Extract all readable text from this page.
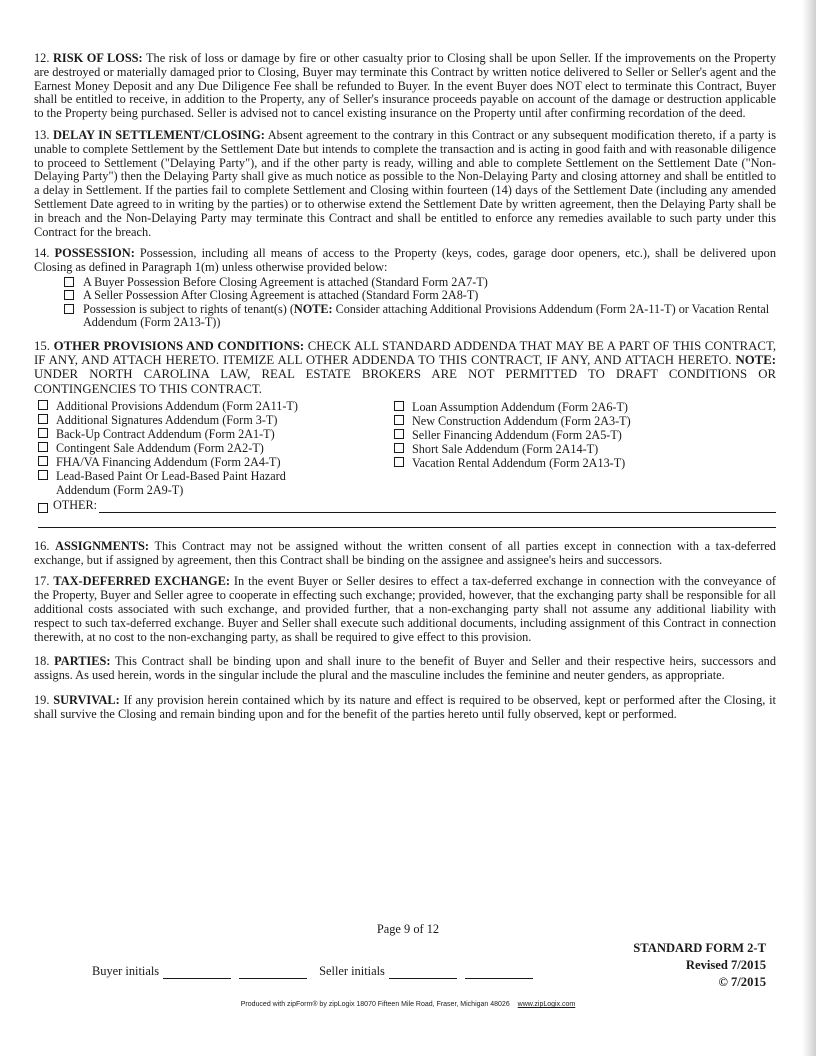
12. RISK OF LOSS: The risk of loss or damage by fire or other casualty prior to Closing shall be upon Seller. If the improvements on the Property are destroyed or materially damaged prior to Closing, Buyer may terminate this Contract by written notice delivered to Seller or Seller's agent and the Earnest Money Deposit and any Due Diligence Fee shall be refunded to Buyer. In the event Buyer does NOT elect to terminate this Contract, Buyer shall be entitled to receive, in addition to the Property, any of Seller's insurance proceeds payable on account of the damage or destruction applicable to the Property being purchased. Seller is advised not to cancel existing insurance on the Property until after confirming recordation of the deed.

13. DELAY IN SETTLEMENT/CLOSING: Absent agreement to the contrary in this Contract or any subsequent modification thereto, if a party is unable to complete Settlement by the Settlement Date but intends to complete the transaction and is acting in good faith and with reasonable diligence to proceed to Settlement ("Delaying Party"), and if the other party is ready, willing and able to complete Settlement on the Settlement Date ("Non-Delaying Party") then the Delaying Party shall give as much notice as possible to the Non-Delaying Party and closing attorney and shall be entitled to a delay in Settlement. If the parties fail to complete Settlement and Closing within fourteen (14) days of the Settlement Date (including any amended Settlement Date agreed to in writing by the parties) or to otherwise extend the Settlement Date by written agreement, then the Delaying Party shall be in breach and the Non-Delaying Party may terminate this Contract and shall be entitled to enforce any remedies available to such party under this Contract for the breach.

14. POSSESSION: Possession, including all means of access to the Property (keys, codes, garage door openers, etc.), shall be delivered upon Closing as defined in Paragraph 1(m) unless otherwise provided below:

A Buyer Possession Before Closing Agreement is attached (Standard Form 2A7-T)
A Seller Possession After Closing Agreement is attached (Standard Form 2A8-T)
Possession is subject to rights of tenant(s) (NOTE: Consider attaching Additional Provisions Addendum (Form 2A-11-T) or Vacation Rental Addendum (Form 2A13-T))

15. OTHER PROVISIONS AND CONDITIONS: CHECK ALL STANDARD ADDENDA THAT MAY BE A PART OF THIS CONTRACT, IF ANY, AND ATTACH HERETO. ITEMIZE ALL OTHER ADDENDA TO THIS CONTRACT, IF ANY, AND ATTACH HERETO. NOTE: UNDER NORTH CAROLINA LAW, REAL ESTATE BROKERS ARE NOT PERMITTED TO DRAFT CONDITIONS OR CONTINGENCIES TO THIS CONTRACT.

Additional Provisions Addendum (Form 2A11-T)
Additional Signatures Addendum (Form 3-T)
Back-Up Contract Addendum (Form 2A1-T)
Contingent Sale Addendum (Form 2A2-T)
FHA/VA Financing Addendum (Form 2A4-T)
Lead-Based Paint Or Lead-Based Paint Hazard Addendum (Form 2A9-T)
Loan Assumption Addendum (Form 2A6-T)
New Construction Addendum (Form 2A3-T)
Seller Financing Addendum (Form 2A5-T)
Short Sale Addendum (Form 2A14-T)
Vacation Rental Addendum (Form 2A13-T)
OTHER:

16. ASSIGNMENTS: This Contract may not be assigned without the written consent of all parties except in connection with a tax-deferred exchange, but if assigned by agreement, then this Contract shall be binding on the assignee and assignee's heirs and successors.

17. TAX-DEFERRED EXCHANGE: In the event Buyer or Seller desires to effect a tax-deferred exchange in connection with the conveyance of the Property, Buyer and Seller agree to cooperate in effecting such exchange; provided, however, that the exchanging party shall be responsible for all additional costs associated with such exchange, and provided further, that a non-exchanging party shall not assume any additional liability with respect to such tax-deferred exchange. Buyer and Seller shall execute such additional documents, including assignment of this Contract in connection therewith, at no cost to the non-exchanging party, as shall be required to give effect to this provision.

18. PARTIES: This Contract shall be binding upon and shall inure to the benefit of Buyer and Seller and their respective heirs, successors and assigns. As used herein, words in the singular include the plural and the masculine includes the feminine and neuter genders, as appropriate.

19. SURVIVAL: If any provision herein contained which by its nature and effect is required to be observed, kept or performed after the Closing, it shall survive the Closing and remain binding upon and for the benefit of the parties hereto until fully observed, kept or performed.

Page 9 of 12
Buyer initials	Seller initials
STANDARD FORM 2-T
Revised 7/2015
© 7/2015
Produced with zipForm® by zipLogix 18070 Fifteen Mile Road, Fraser, Michigan 48026 www.zipLogix.com
